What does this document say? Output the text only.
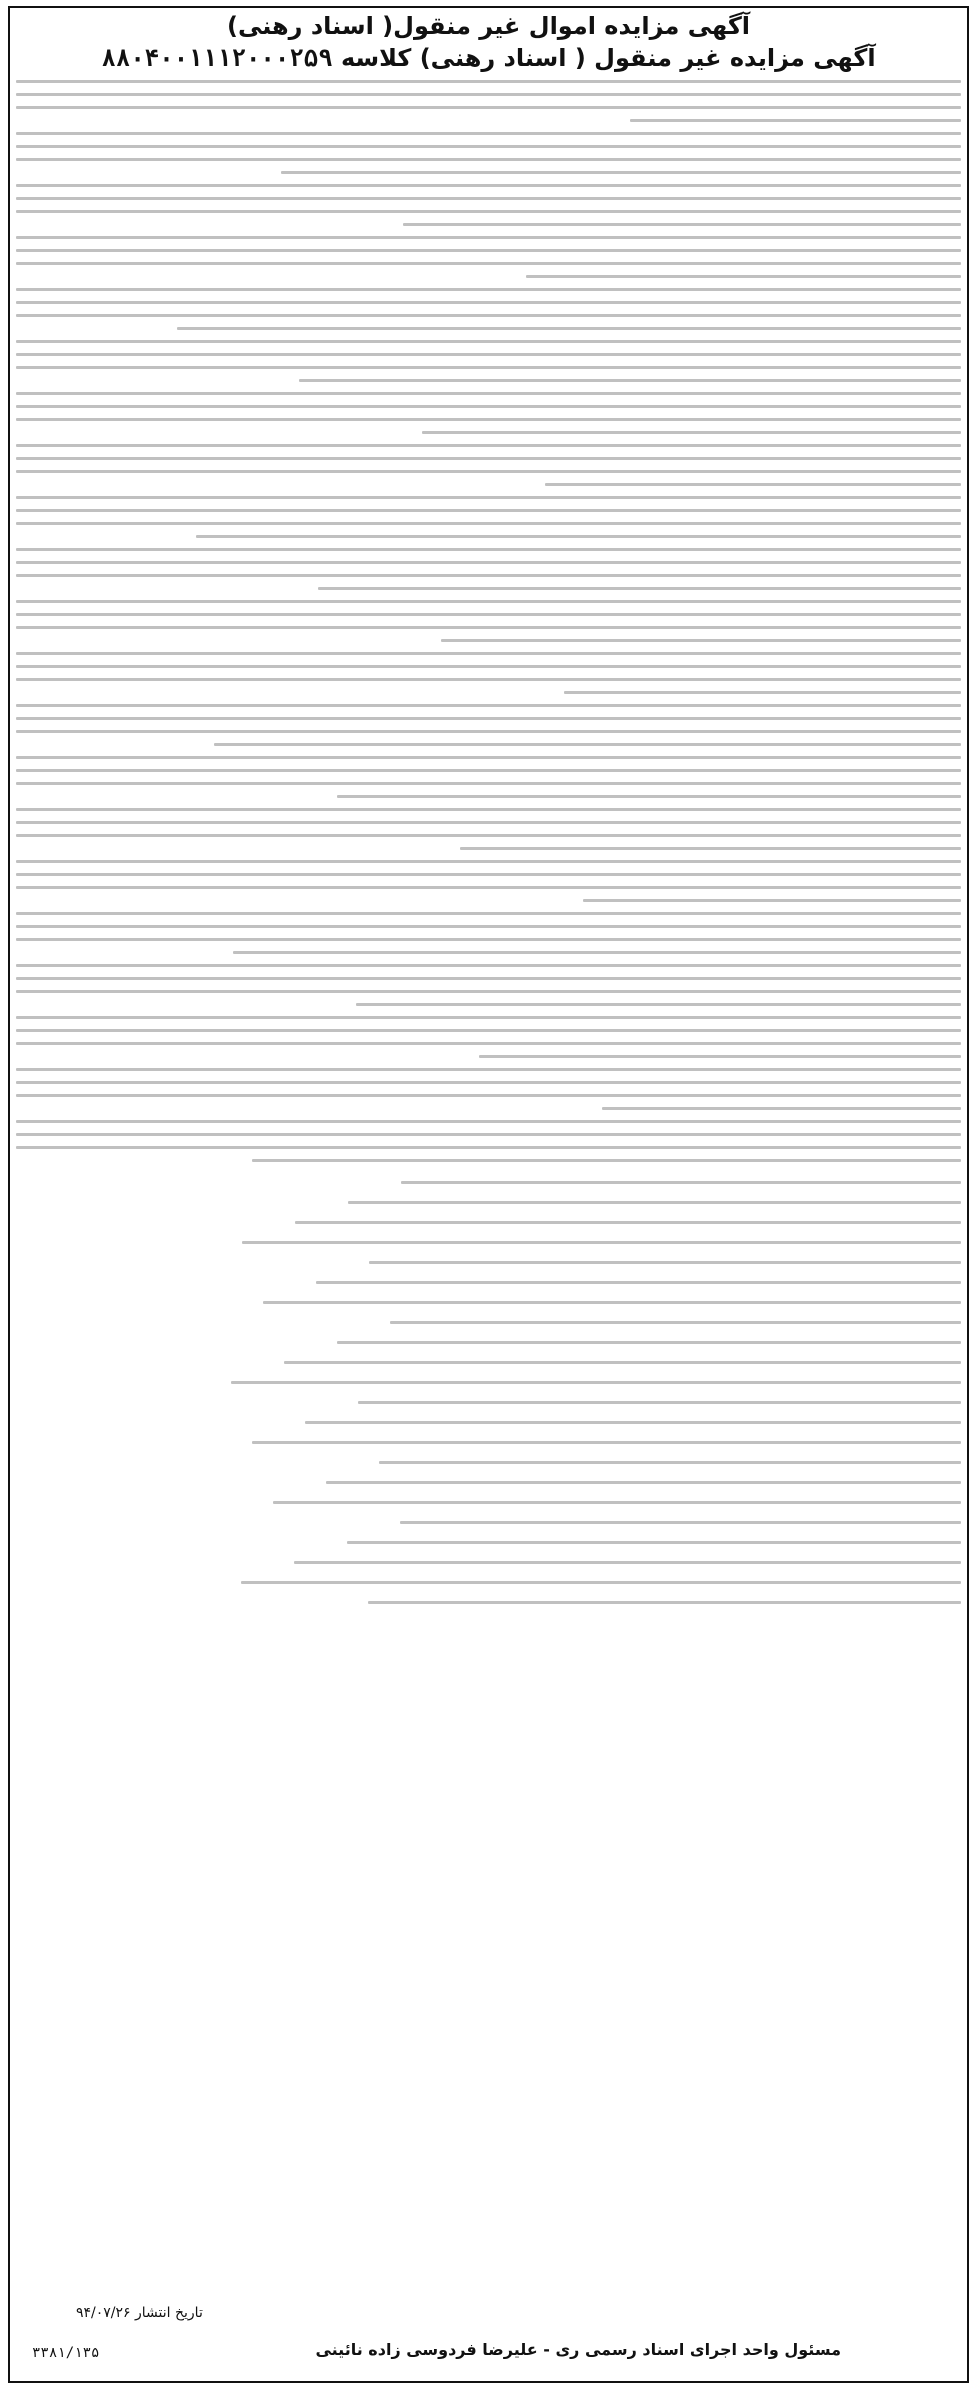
آگهی مزایده اموال غیر منقول( اسناد رهنی)
آگهی مزایده غیر منقول ( اسناد رهنی) کلاسه ۸۸۰۴۰۰۱۱۱۲۰۰۰۲۵۹
تاریخ انتشار ۹۴/۰۷/۲۶
مسئول واحد اجرای اسناد رسمی ری - علیرضا فردوسی زاده نائینی
۳۳۸۱/۱۳۵
